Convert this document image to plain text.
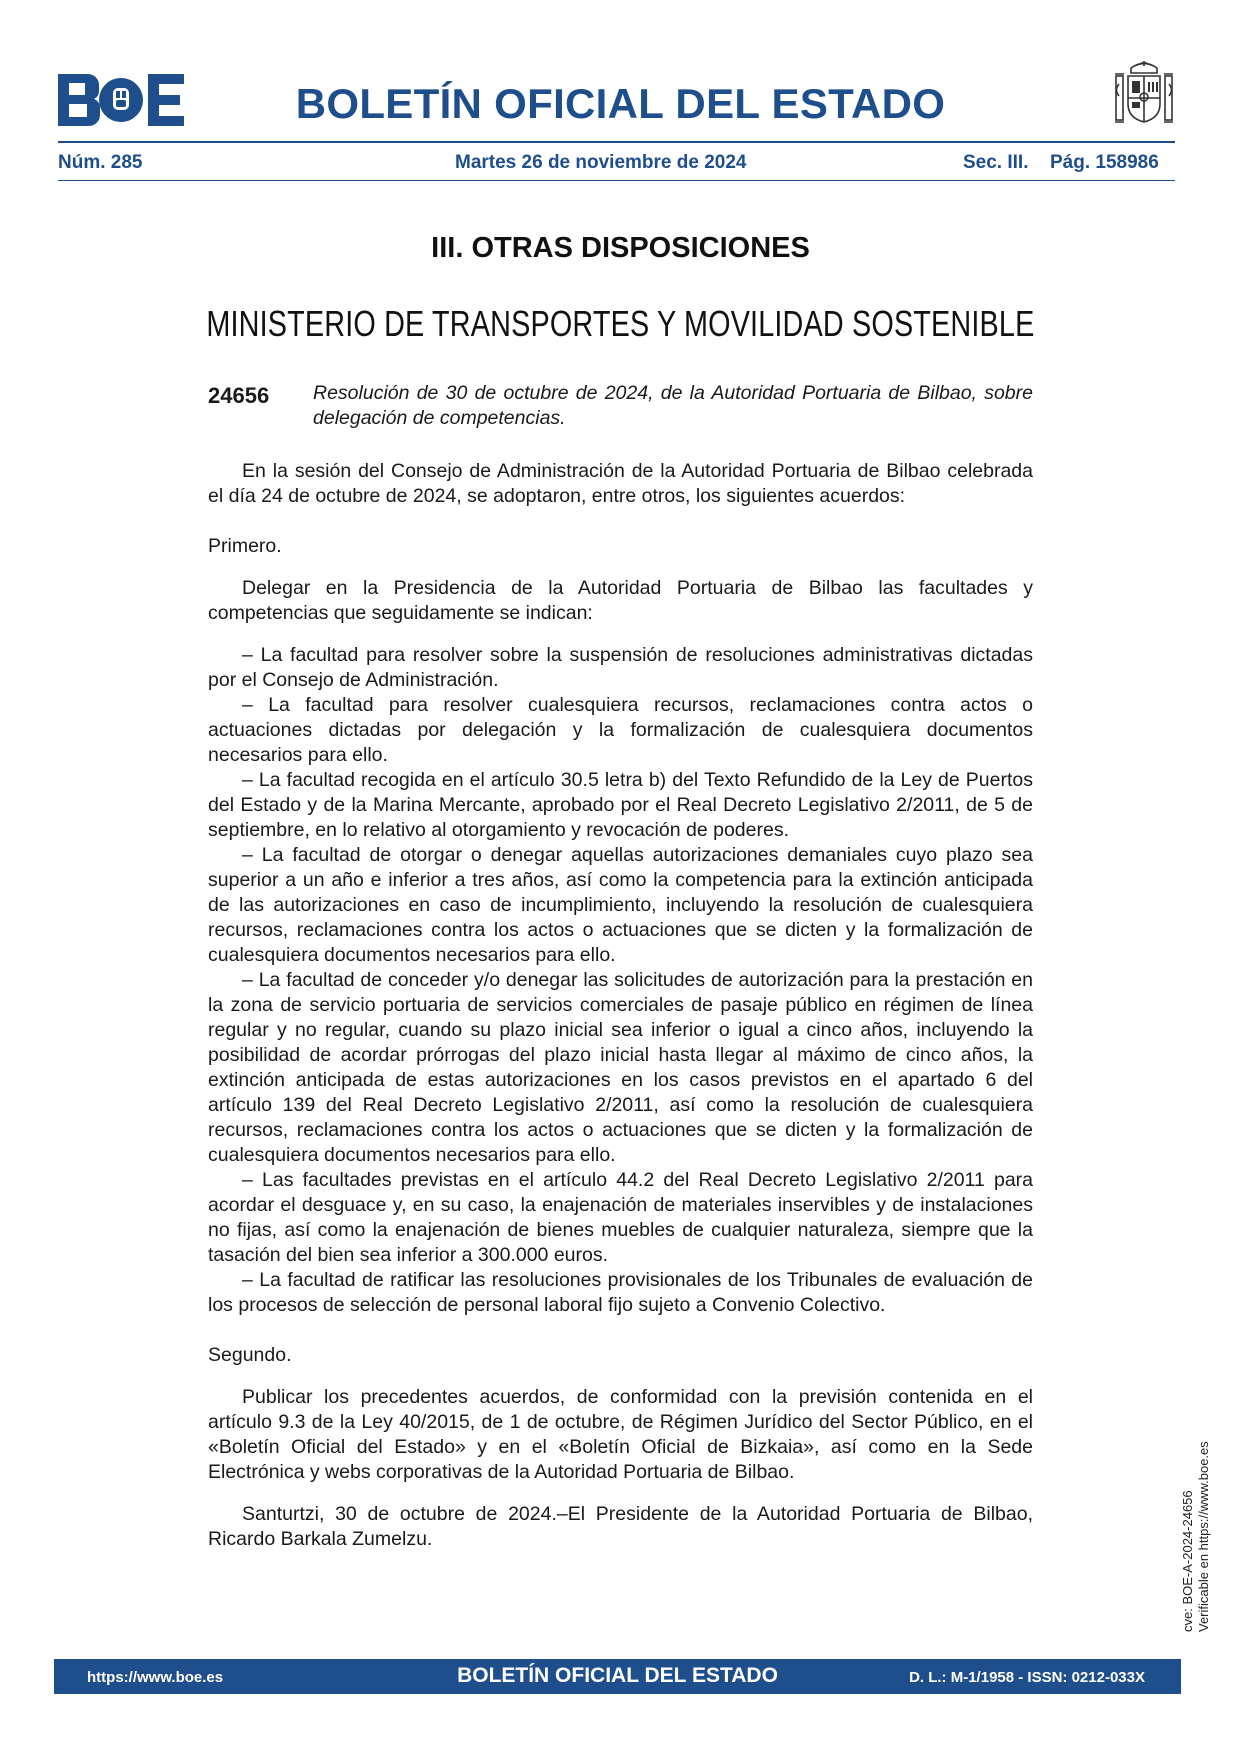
BOLETÍN OFICIAL DEL ESTADO
Núm. 285	Martes 26 de noviembre de 2024	Sec. III. Pág. 158986
III. OTRAS DISPOSICIONES
MINISTERIO DE TRANSPORTES Y MOVILIDAD SOSTENIBLE
24656 Resolución de 30 de octubre de 2024, de la Autoridad Portuaria de Bilbao, sobre delegación de competencias.

En la sesión del Consejo de Administración de la Autoridad Portuaria de Bilbao celebrada el día 24 de octubre de 2024, se adoptaron, entre otros, los siguientes acuerdos:

Primero.

Delegar en la Presidencia de la Autoridad Portuaria de Bilbao las facultades y competencias que seguidamente se indican:

– La facultad para resolver sobre la suspensión de resoluciones administrativas dictadas por el Consejo de Administración.

– La facultad para resolver cualesquiera recursos, reclamaciones contra actos o actuaciones dictadas por delegación y la formalización de cualesquiera documentos necesarios para ello.

– La facultad recogida en el artículo 30.5 letra b) del Texto Refundido de la Ley de Puertos del Estado y de la Marina Mercante, aprobado por el Real Decreto Legislativo 2/2011, de 5 de septiembre, en lo relativo al otorgamiento y revocación de poderes.

– La facultad de otorgar o denegar aquellas autorizaciones demaniales cuyo plazo sea superior a un año e inferior a tres años, así como la competencia para la extinción anticipada de las autorizaciones en caso de incumplimiento, incluyendo la resolución de cualesquiera recursos, reclamaciones contra los actos o actuaciones que se dicten y la formalización de cualesquiera documentos necesarios para ello.

– La facultad de conceder y/o denegar las solicitudes de autorización para la prestación en la zona de servicio portuaria de servicios comerciales de pasaje público en régimen de línea regular y no regular, cuando su plazo inicial sea inferior o igual a cinco años, incluyendo la posibilidad de acordar prórrogas del plazo inicial hasta llegar al máximo de cinco años, la extinción anticipada de estas autorizaciones en los casos previstos en el apartado 6 del artículo 139 del Real Decreto Legislativo 2/2011, así como la resolución de cualesquiera recursos, reclamaciones contra los actos o actuaciones que se dicten y la formalización de cualesquiera documentos necesarios para ello.

– Las facultades previstas en el artículo 44.2 del Real Decreto Legislativo 2/2011 para acordar el desguace y, en su caso, la enajenación de materiales inservibles y de instalaciones no fijas, así como la enajenación de bienes muebles de cualquier naturaleza, siempre que la tasación del bien sea inferior a 300.000 euros.

– La facultad de ratificar las resoluciones provisionales de los Tribunales de evaluación de los procesos de selección de personal laboral fijo sujeto a Convenio Colectivo.

Segundo.

Publicar los precedentes acuerdos, de conformidad con la previsión contenida en el artículo 9.3 de la Ley 40/2015, de 1 de octubre, de Régimen Jurídico del Sector Público, en el «Boletín Oficial del Estado» y en el «Boletín Oficial de Bizkaia», así como en la Sede Electrónica y webs corporativas de la Autoridad Portuaria de Bilbao.

Santurtzi, 30 de octubre de 2024.–El Presidente de la Autoridad Portuaria de Bilbao, Ricardo Barkala Zumelzu.	cve: BOE-A-2024-24656 Verificable en https://www.boe.es
https://www.boe.es	BOLETÍN OFICIAL DEL ESTADO	D. L.: M-1/1958 - ISSN: 0212-033X
